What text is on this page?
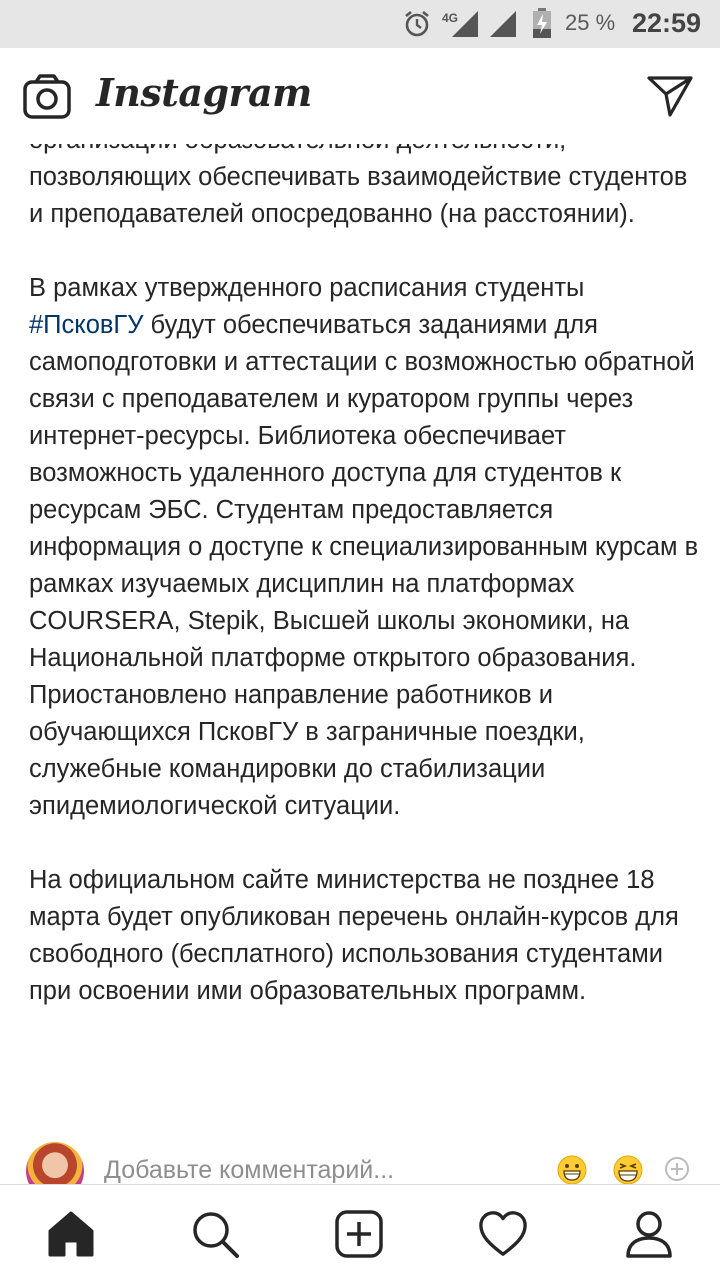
4G	25 % 22:59
Instagram

позволяющих обеспечивать взаимодействие студентов и преподавателей опосредованно (на расстоянии).

В рамках утвержденного расписания студенты #ПсковГУ будут обеспечиваться заданиями для самоподготовки и аттестации с возможностью обратной связи с преподавателем и куратором группы через интернет-ресурсы. Библиотека обеспечивает возможность удаленного доступа для студентов к ресурсам ЭБС. Студентам предоставляется информация о доступе к специализированным курсам в рамках изучаемых дисциплин на платформах COURSERA, Stepik, Высшей школы экономики, на Национальной платформе открытого образования. Приостановлено направление работников и обучающихся ПсковГУ в заграничные поездки, служебные командировки до стабилизации эпидемиологической ситуации.

На официальном сайте министерства не позднее 18 марта будет опубликован перечень онлайн-курсов для свободного (бесплатного) использования студентами при освоении ими образовательных программ.

Добавьте комментарий...
